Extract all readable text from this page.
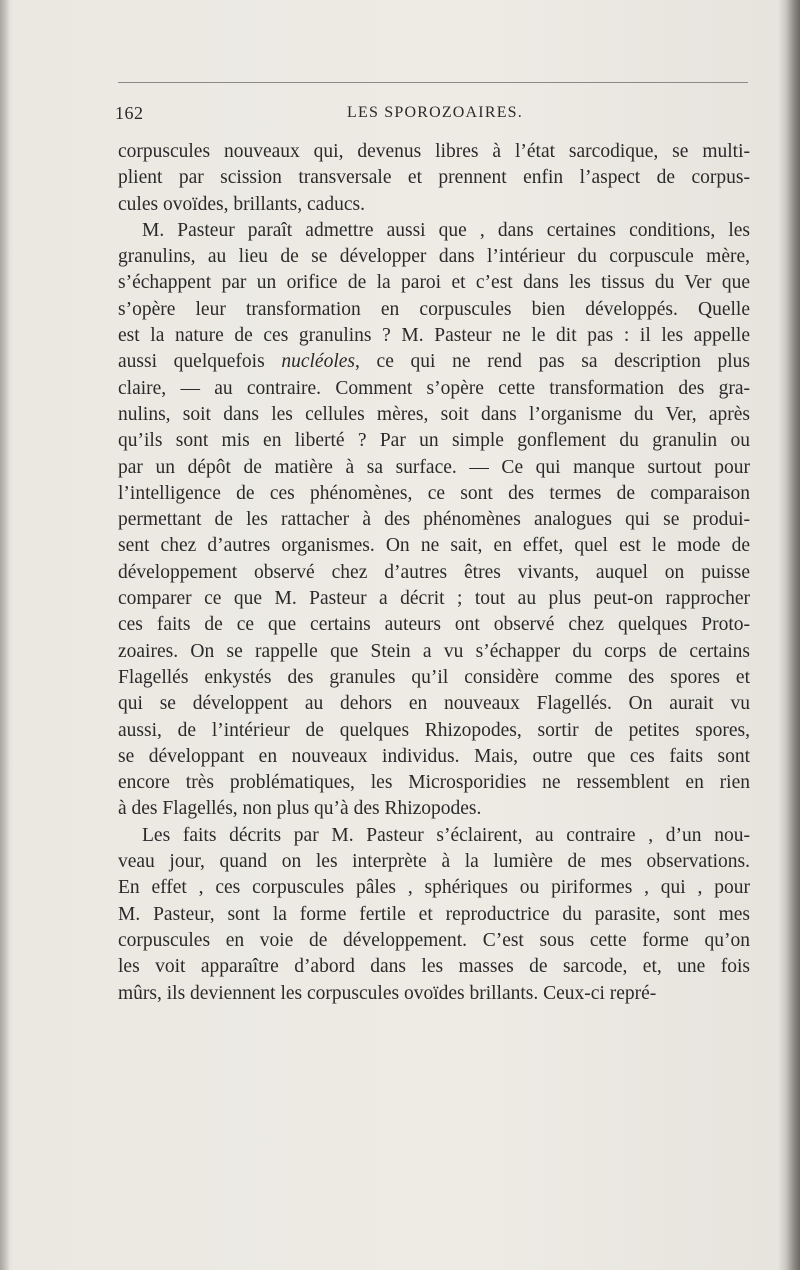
162	LES SPOROZOAIRES.
corpuscules nouveaux qui, devenus libres à l’état sarcodique, se multi-
plient par scission transversale et prennent enfin l’aspect de corpus-
cules ovoïdes, brillants, caducs.
M. Pasteur paraît admettre aussi que , dans certaines conditions, les
granulins, au lieu de se développer dans l’intérieur du corpuscule mère,
s’échappent par un orifice de la paroi et c’est dans les tissus du Ver que
s’opère leur transformation en corpuscules bien développés. Quelle
est la nature de ces granulins ? M. Pasteur ne le dit pas : il les appelle
aussi quelquefois nucléoles, ce qui ne rend pas sa description plus
claire, — au contraire. Comment s’opère cette transformation des gra-
nulins, soit dans les cellules mères, soit dans l’organisme du Ver, après
qu’ils sont mis en liberté ? Par un simple gonflement du granulin ou
par un dépôt de matière à sa surface. — Ce qui manque surtout pour
l’intelligence de ces phénomènes, ce sont des termes de comparaison
permettant de les rattacher à des phénomènes analogues qui se produi-
sent chez d’autres organismes. On ne sait, en effet, quel est le mode de
développement observé chez d’autres êtres vivants, auquel on puisse
comparer ce que M. Pasteur a décrit ; tout au plus peut-on rapprocher
ces faits de ce que certains auteurs ont observé chez quelques Proto-
zoaires. On se rappelle que Stein a vu s’échapper du corps de certains
Flagellés enkystés des granules qu’il considère comme des spores et
qui se développent au dehors en nouveaux Flagellés. On aurait vu
aussi, de l’intérieur de quelques Rhizopodes, sortir de petites spores,
se développant en nouveaux individus. Mais, outre que ces faits sont
encore très problématiques, les Microsporidies ne ressemblent en rien
à des Flagellés, non plus qu’à des Rhizopodes.
Les faits décrits par M. Pasteur s’éclairent, au contraire , d’un nou-
veau jour, quand on les interprète à la lumière de mes observations.
En effet , ces corpuscules pâles , sphériques ou piriformes , qui , pour
M. Pasteur, sont la forme fertile et reproductrice du parasite, sont mes
corpuscules en voie de développement. C’est sous cette forme qu’on
les voit apparaître d’abord dans les masses de sarcode, et, une fois
mûrs, ils deviennent les corpuscules ovoïdes brillants. Ceux-ci repré-
